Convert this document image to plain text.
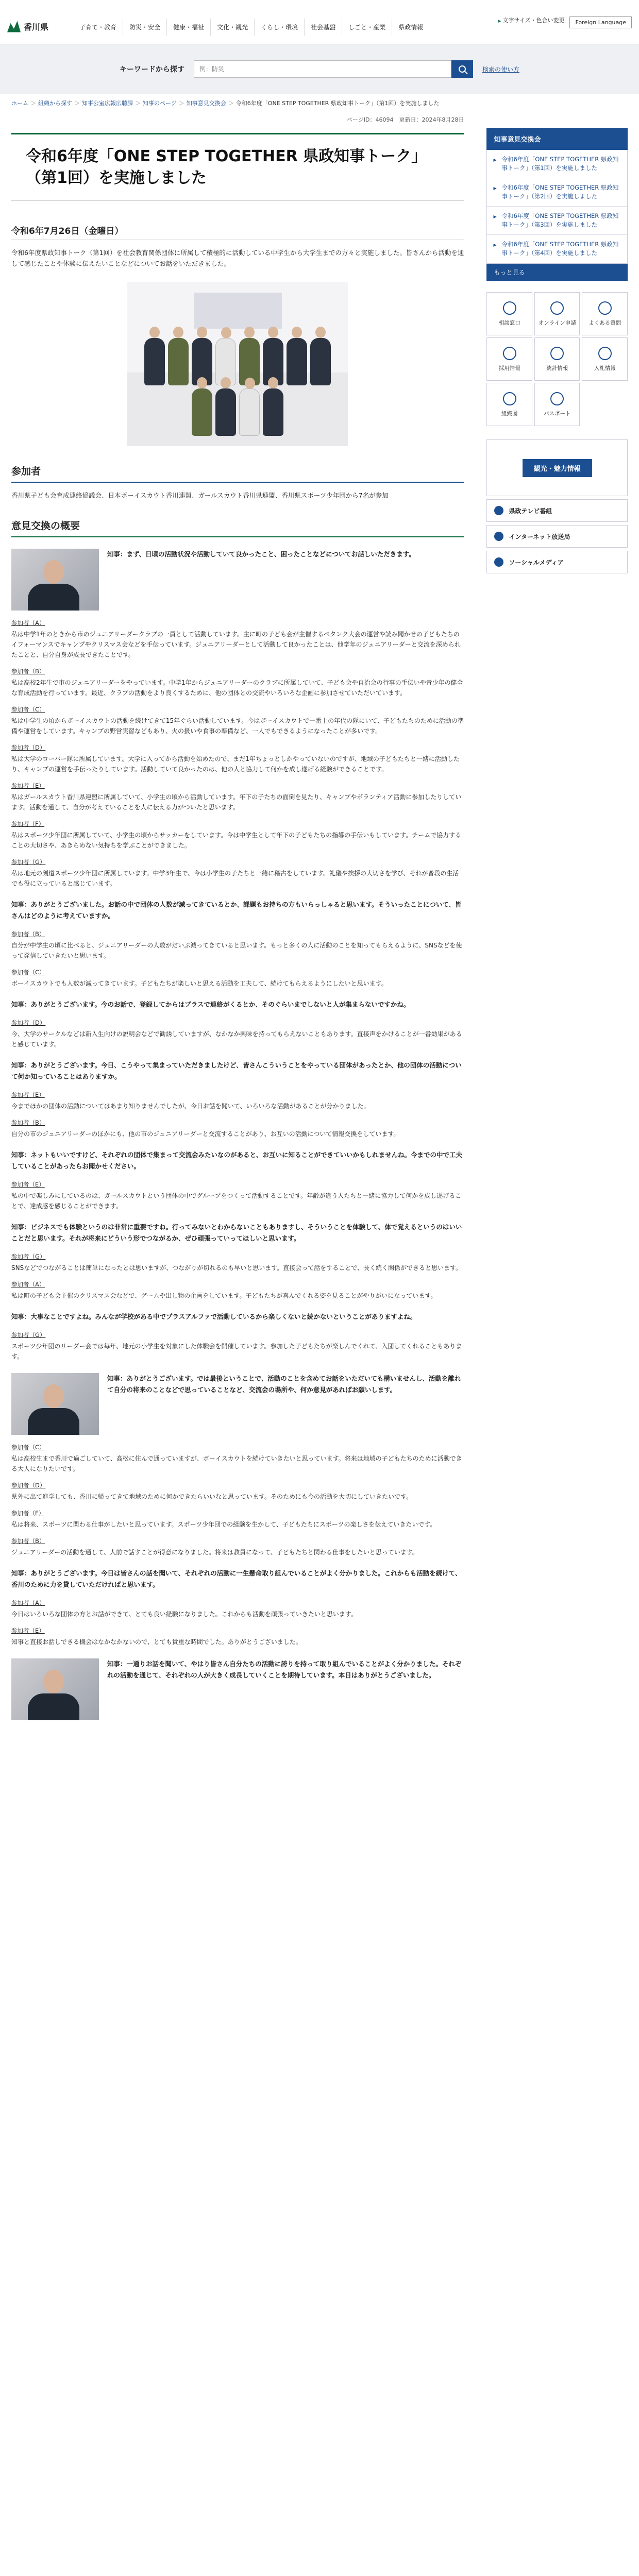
香川県	子育て・教育	防災・安全	健康・福祉	文化・観光	くらし・環境	社会基盤	しごと・産業	県政情報
▶ 文字サイズ・色合い変更	Foreign Language
キーワードから探す
例：防災	検索の使い方
ホーム ＞ 組織から探す ＞ 知事公室広報広聴課 ＞ 知事のページ ＞ 知事意見交換会 ＞ 令和6年度「ONE STEP TOGETHER 県政知事トーク」（第1回）を実施しました
ページID：46094　更新日：2024年8月28日
令和6年度「ONE STEP TOGETHER 県政知事トーク」（第1回）を実施しました
令和6年7月26日（金曜日）

令和6年度県政知事トーク（第1回）を社会教育関係団体に所属して積極的に活動している中学生から大学生までの方々と実施しました。皆さんから活動を通して感じたことや体験に伝えたいことなどについてお話をいただきました。

参加者

香川県子ども会育成連絡協議会、日本ボーイスカウト香川連盟、ガールスカウト香川県連盟、香川県スポーツ少年団から7名が参加

意見交換の概要
知事：まず、日頃の活動状況や活動していて良かったこと、困ったことなどについてお話しいただきます。
参加者（A）
私は中学1年のときから市のジュニアリーダークラブの一員として活動しています。主に町の子ども会が主催するペタンク大会の運営や読み聞かせの子どもたちのイフォーマンスでキャンプやクリスマス会などを手伝っています。ジュニアリーダーとして活動して良かったことは、他学年のジュニアリーダーと交流を深められたことと、自分自身が成長できたことです。
参加者（B）
私は高校2年生で市のジュニアリーダーをやっています。中学1年からジュニアリーダーのクラブに所属していて、子ども会や自治会の行事の手伝いや青少年の健全な育成活動を行っています。最近、クラブの活動をより良くするために、他の団体との交流やいろいろな企画に参加させていただいています。
参加者（C）
私は中学生の頃からボーイスカウトの活動を続けてきて15年ぐらい活動しています。今はボーイスカウトで一番上の年代の隊にいて、子どもたちのために活動の準備や運営をしています。キャンプの野営実習などもあり、火の扱いや食事の準備など、一人でもできるようになったことが多いです。
参加者（D）
私は大学のローバー隊に所属しています。大学に入ってから活動を始めたので、まだ1年ちょっとしかやっていないのですが、地域の子どもたちと一緒に活動したり、キャンプの運営を手伝ったりしています。活動していて良かったのは、他の人と協力して何かを成し遂げる経験ができることです。
参加者（E）
私はガールスカウト香川県連盟に所属していて、小学生の頃から活動しています。年下の子たちの面倒を見たり、キャンプやボランティア活動に参加したりしています。活動を通して、自分が考えていることを人に伝える力がついたと思います。
参加者（F）
私はスポーツ少年団に所属していて、小学生の頃からサッカーをしています。今は中学生として年下の子どもたちの指導の手伝いもしています。チームで協力することの大切さや、あきらめない気持ちを学ぶことができました。
参加者（G）
私は地元の剣道スポーツ少年団に所属しています。中学3年生で、今は小学生の子たちと一緒に稽古をしています。礼儀や挨拶の大切さを学び、それが普段の生活でも役に立っていると感じています。
知事：ありがとうございました。お話の中で団体の人数が減ってきているとか、課題もお持ちの方もいらっしゃると思います。そういったことについて、皆さんはどのように考えていますか。
参加者（B）
自分が中学生の頃に比べると、ジュニアリーダーの人数がだいぶ減ってきていると思います。もっと多くの人に活動のことを知ってもらえるように、SNSなどを使って発信していきたいと思います。
参加者（C）
ボーイスカウトでも人数が減ってきています。子どもたちが楽しいと思える活動を工夫して、続けてもらえるようにしたいと思います。
知事：ありがとうございます。今のお話で、登録してからはプラスで連絡がくるとか、そのぐらいまでしないと人が集まらないですかね。
参加者（D）
今、大学のサークルなどは新入生向けの説明会などで勧誘していますが、なかなか興味を持ってもらえないこともあります。直接声をかけることが一番効果があると感じています。
知事：ありがとうございます。今日、こうやって集まっていただきましたけど、皆さんこういうことをやっている団体があったとか、他の団体の活動について何か知っていることはありますか。
参加者（E）
今までほかの団体の活動についてはあまり知りませんでしたが、今日お話を聞いて、いろいろな活動があることが分かりました。
参加者（B）
自分の市のジュニアリーダーのほかにも、他の市のジュニアリーダーと交流することがあり、お互いの活動について情報交換をしています。
知事：ネットもいいですけど、それぞれの団体で集まって交流会みたいなのがあると、お互いに知ることができていいかもしれませんね。今までの中で工夫していることがあったらお聞かせください。
参加者（E）
私の中で楽しみにしているのは、ガールスカウトという団体の中でグループをつくって活動することです。年齢が違う人たちと一緒に協力して何かを成し遂げることで、達成感を感じることができます。
知事：ビジネスでも体験というのは非常に重要ですね。行ってみないとわからないこともありますし、そういうことを体験して、体で覚えるというのはいいことだと思います。それが将来にどういう形でつながるか、ぜひ頑張っていってほしいと思います。
参加者（G）
SNSなどでつながることは簡単になったとは思いますが、つながりが切れるのも早いと思います。直接会って話をすることで、長く続く関係ができると思います。
参加者（A）
私は町の子ども会主催のクリスマス会などで、ゲームや出し物の企画をしています。子どもたちが喜んでくれる姿を見ることがやりがいになっています。
知事：大事なことですよね。みんなが学校がある中でプラスアルファで活動しているから楽しくないと続かないということがありますよね。
参加者（G）
スポーツ少年団のリーダー会では毎年、地元の小学生を対象にした体験会を開催しています。参加した子どもたちが楽しんでくれて、入団してくれることもあります。
知事：ありがとうございます。では最後ということで、活動のことを含めてお話をいただいても構いませんし、活動を離れて自分の将来のことなどで思っていることなど、交流会の場所や、何か意見があればお願いします。
参加者（C）
私は高校生まで香川で過ごしていて、高松に住んで通っていますが、ボーイスカウトを続けていきたいと思っています。将来は地域の子どもたちのために活動できる大人になりたいです。
参加者（D）
県外に出て進学しても、香川に帰ってきて地域のために何かできたらいいなと思っています。そのためにも今の活動を大切にしていきたいです。
参加者（F）
私は将来、スポーツに関わる仕事がしたいと思っています。スポーツ少年団での経験を生かして、子どもたちにスポーツの楽しさを伝えていきたいです。
参加者（B）
ジュニアリーダーの活動を通して、人前で話すことが得意になりました。将来は教員になって、子どもたちと関わる仕事をしたいと思っています。
知事：ありがとうございます。今日は皆さんの話を聞いて、それぞれの活動に一生懸命取り組んでいることがよく分かりました。これからも活動を続けて、香川のために力を貸していただければと思います。
参加者（A）
今日はいろいろな団体の方とお話ができて、とても良い経験になりました。これからも活動を頑張っていきたいと思います。
参加者（E）
知事と直接お話しできる機会はなかなかないので、とても貴重な時間でした。ありがとうございました。
知事：一通りお話を聞いて、やはり皆さん自分たちの活動に誇りを持って取り組んでいることがよく分かりました。それぞれの活動を通じて、それぞれの人が大きく成長していくことを期待しています。本日はありがとうございました。
知事意見交換会
▶ 令和6年度「ONE STEP TOGETHER 県政知事トーク」（第1回）を実施しました
▶ 令和6年度「ONE STEP TOGETHER 県政知事トーク」（第2回）を実施しました
▶ 令和6年度「ONE STEP TOGETHER 県政知事トーク」（第3回）を実施しました
▶ 令和6年度「ONE STEP TOGETHER 県政知事トーク」（第4回）を実施しました
もっと見る
相談窓口	オンライン申請 よくある質問
採用情報	統計情報	入札情報
組織図	パスポート
観光・魅力情報
県政テレビ番組
インターネット放送局
ソーシャルメディア
